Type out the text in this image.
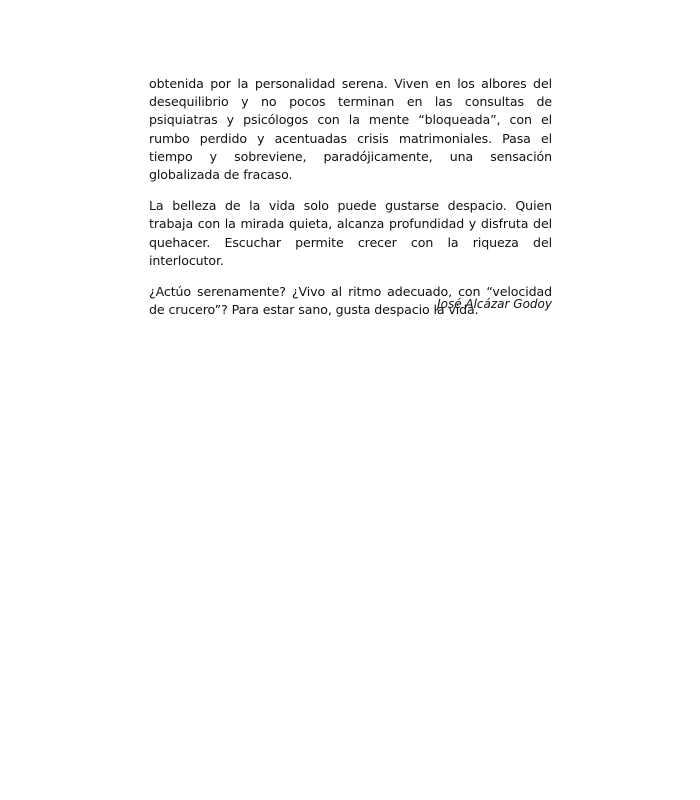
obtenida por la personalidad serena. Viven en los albores del desequilibrio y no pocos terminan en las consultas de psiquiatras y psicólogos con la mente “bloqueada”, con el rumbo perdido y acentuadas crisis matrimoniales. Pasa el tiempo y sobreviene, paradójicamente, una sensación globalizada de fracaso.

La belleza de la vida solo puede gustarse despacio. Quien trabaja con la mirada quieta, alcanza profundidad y disfruta del quehacer. Escuchar permite crecer con la riqueza del interlocutor.

¿Actúo serenamente? ¿Vivo al ritmo adecuado, con “velocidad de crucero”? Para estar sano, gusta despacio la vida.

José Alcázar Godoy
